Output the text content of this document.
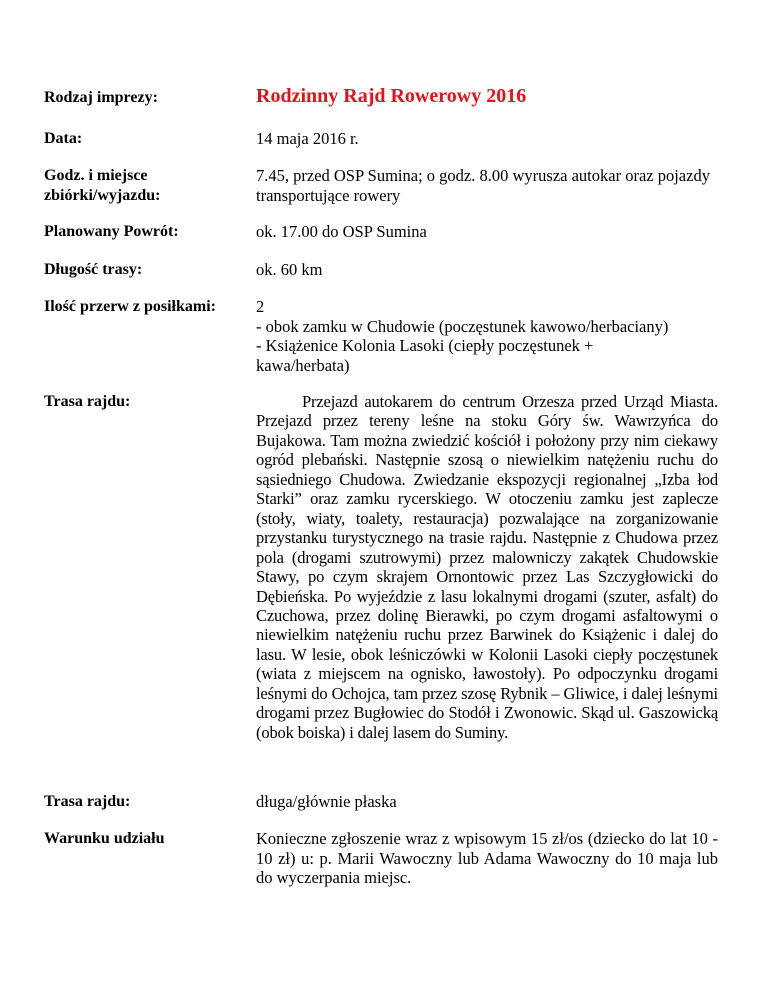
Rodzaj imprezy:	Rodzinny Rajd Rowerowy 2016
Data:	14 maja 2016 r.
Godz. i miejsce
zbiórki/wyjazdu:
7.45, przed OSP Sumina; o godz. 8.00 wyrusza autokar oraz pojazdy transportujące rowery
Planowany Powrót:	ok. 17.00 do OSP Sumina
Długość trasy:	ok. 60 km
Ilość przerw z posiłkami:	2
- obok zamku w Chudowie (poczęstunek kawowo/herbaciany)
- Książenice Kolonia Lasoki (ciepły poczęstunek +
kawa/herbata)
Trasa rajdu:	Przejazd autokarem do centrum Orzesza przed Urząd Miasta. Przejazd przez tereny leśne na stoku Góry św. Wawrzyńca do Bujakowa. Tam można zwiedzić kościół i położony przy nim ciekawy ogród plebański. Następnie szosą o niewielkim natężeniu ruchu do sąsiedniego Chudowa. Zwiedzanie ekspozycji regionalnej „Izba łod Starki” oraz zamku rycerskiego. W otoczeniu zamku jest zaplecze (stoły, wiaty, toalety, restauracja) pozwalające na zorganizowanie przystanku turystycznego na trasie rajdu. Następnie z Chudowa przez pola (drogami szutrowymi) przez malowniczy zakątek Chudowskie Stawy, po czym skrajem Ornontowic przez Las Szczygłowicki do Dębieńska. Po wyjeździe z lasu lokalnymi drogami (szuter, asfalt) do Czuchowa, przez dolinę Bierawki, po czym drogami asfaltowymi o niewielkim natężeniu ruchu przez Barwinek do Książenic i dalej do lasu. W lesie, obok leśniczówki w Kolonii Lasoki ciepły poczęstunek (wiata z miejscem na ognisko, ławostoły). Po odpoczynku drogami leśnymi do Ochojca, tam przez szosę Rybnik – Gliwice, i dalej leśnymi drogami przez Bugłowiec do Stodół i Zwonowic. Skąd ul. Gaszowicką (obok boiska) i dalej lasem do Suminy.
Trasa rajdu:	długa/głównie płaska
Warunku udziału	Konieczne zgłoszenie wraz z wpisowym 15 zł/os (dziecko do lat 10 - 10 zł) u: p. Marii Wawoczny lub Adama Wawoczny do 10 maja lub do wyczerpania miejsc.
